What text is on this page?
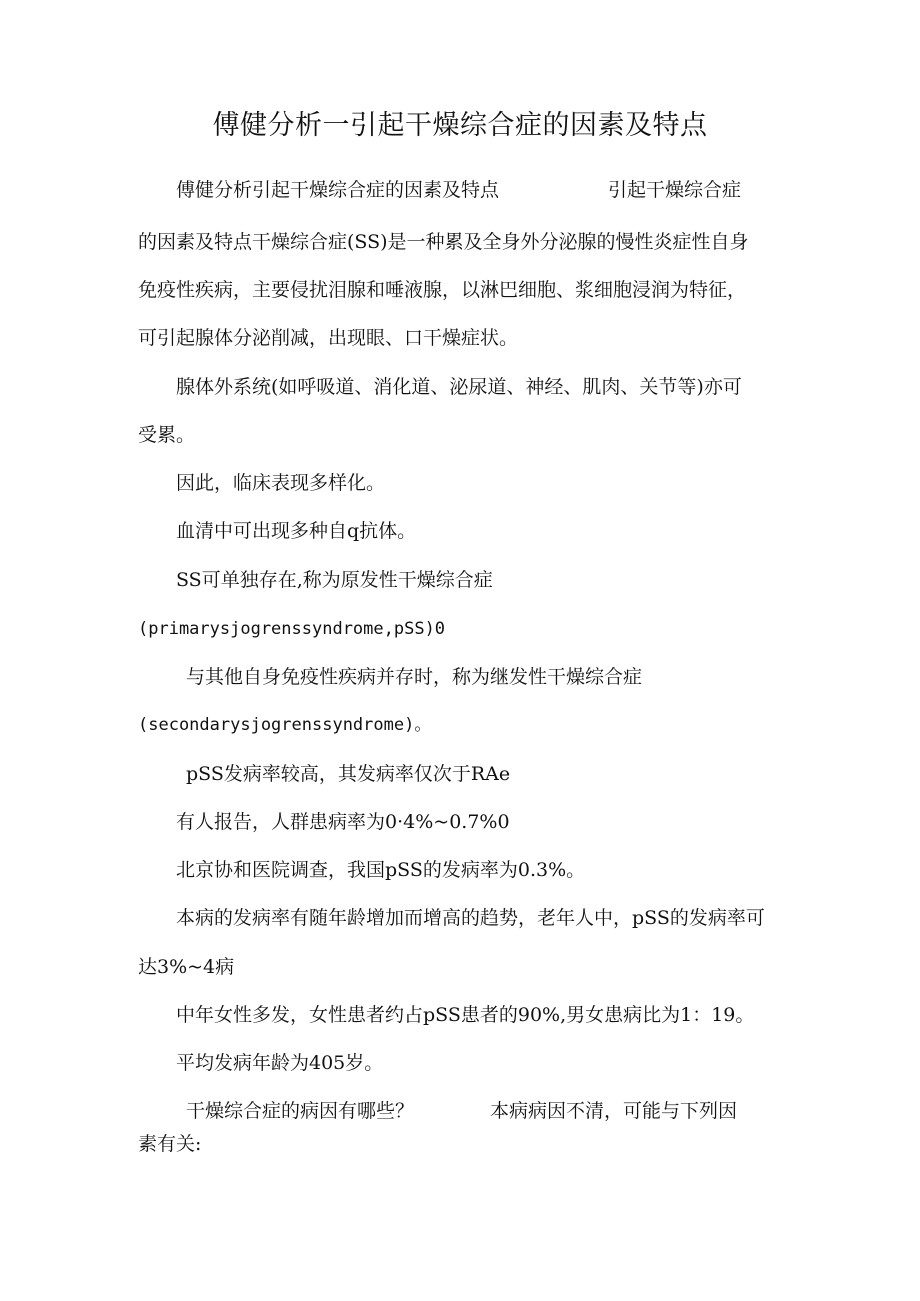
傅健分析一引起干燥综合症的因素及特点
傅健分析引起干燥综合症的因素及特点	引起干燥综合症
的因素及特点干燥综合症(SS)是一种累及全身外分泌腺的慢性炎症性自身
免疫性疾病，主要侵扰泪腺和唾液腺，以淋巴细胞、浆细胞浸润为特征，
可引起腺体分泌削减，出现眼、口干燥症状。
腺体外系统(如呼吸道、消化道、泌尿道、神经、肌肉、关节等)亦可
受累。
因此，临床表现多样化。
血清中可出现多种自q抗体。
SS可单独存在,称为原发性干燥综合症
(primarysjogrenssyndrome,pSS)0
与其他自身免疫性疾病并存时，称为继发性干燥综合症
(secondarysjogrenssyndrome)。
pSS发病率较高，其发病率仅次于RAe
有人报告，人群患病率为0·4%~0.7%0
北京协和医院调查，我国pSS的发病率为0.3%。
本病的发病率有随年龄增加而增高的趋势，老年人中，pSS的发病率可
达3%~4病
中年女性多发，女性患者约占pSS患者的90%,男女患病比为1：19。
平均发病年龄为405岁。
干燥综合症的病因有哪些？	本病病因不清，可能与下列因
素有关:
